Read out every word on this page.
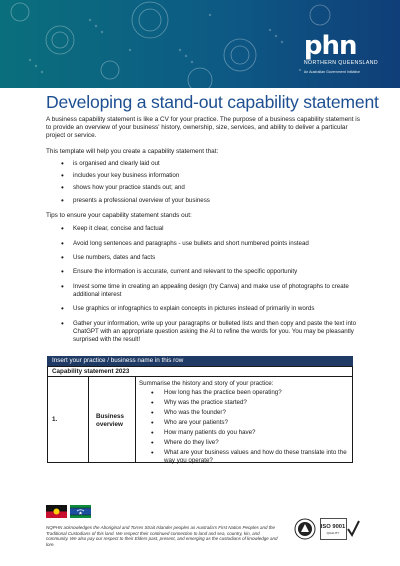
phn
NORTHERN QUEENSLAND
An Australian Government Initiative
Developing a stand-out capability statement
A business capability statement is like a CV for your practice. The purpose of a business capability statement is to provide an overview of your business' history, ownership, size, services, and ability to deliver a particular project or service.
This template will help you create a capability statement that:
• is organised and clearly laid out
• includes your key business information
• shows how your practice stands out; and
• presents a professional overview of your business
Tips to ensure your capability statement stands out:
• Keep it clear, concise and factual
• Avoid long sentences and paragraphs - use bullets and short numbered points instead
• Use numbers, dates and facts
• Ensure the information is accurate, current and relevant to the specific opportunity
• Invest some time in creating an appealing design (try Canva) and make use of photographs to create additional interest
• Use graphics or infographics to explain concepts in pictures instead of primarily in words
• Gather your information, write up your paragraphs or bulleted lists and then copy and paste the text into ChatGPT with an appropriate question asking the AI to refine the words for you. You may be pleasantly surprised with the result!
Insert your practice / business name in this row
Capability statement 2023
1.	Business overview
Summarise the history and story of your practice:
• How long has the practice been operating?
• Why was the practice started?
• Who was the founder?
• Who are your patients?
• How many patients do you have?
• Where do they live?
• What are your business values and how do these translate into the way you operate?
NQPHN acknowledges the Aboriginal and Torres Strait Islander peoples as Australia's First Nation Peoples and the Traditional Custodians of this land. We respect their continued connection to land and sea, country, kin, and community. We also pay our respect to their Elders past, present, and emerging as the custodians of knowledge and lore.
ISO 9001
QUALITY
